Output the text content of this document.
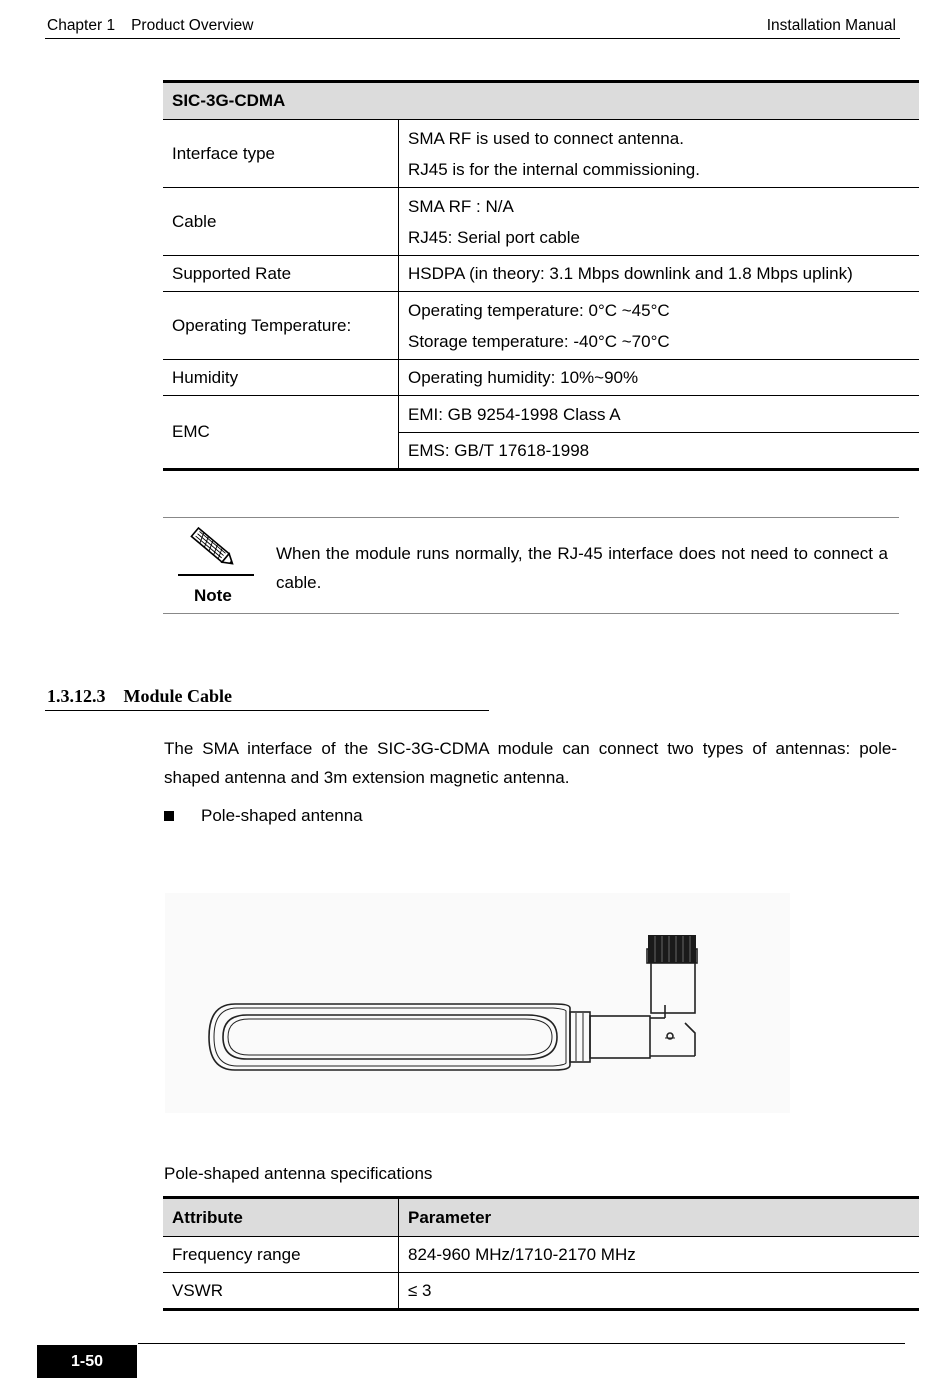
Chapter 1 Product Overview	Installation Manual
SIC-3G-CDMA	
Interface type	SMA RF is used to connect antenna.
RJ45 is for the internal commissioning.

Cable	SMA RF : N/A
RJ45: Serial port cable

Supported Rate	HSDPA (in theory: 3.1 Mbps downlink and 1.8 Mbps uplink)
Operating Temperature:	Operating temperature: 0°C ~45°C
Storage temperature: -40°C ~70°C

Humidity	Operating humidity: 10%~90%
EMC	EMI: GB 9254-1998 Class A
EMS: GB/T 17618-1998
Note
When the module runs normally, the RJ-45 interface does not need to connect a cable.
1.3.12.3 Module Cable
The SMA interface of the SIC-3G-CDMA module can connect two types of antennas: pole-shaped antenna and 3m extension magnetic antenna.
Pole-shaped antenna
Pole-shaped antenna specifications
Attribute	Parameter
Frequency range	824-960 MHz/1710-2170 MHz
VSWR	≤ 3
1-50
